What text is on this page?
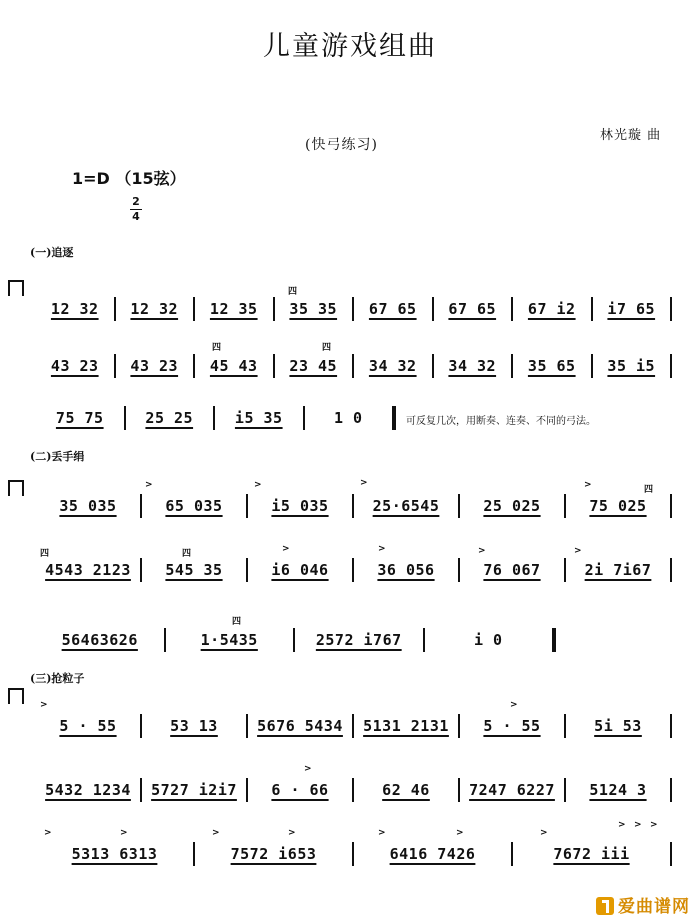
儿童游戏组曲
(快弓练习)
林光璇 曲
1=D （15弦）
2
4
(一)追逐
12 32	12 32	12 35	35 35	67 65	67 65	67 i2	i7 65
四
43 23	43 23	45 43	23 45	34 32	34 32	35 65	35 i5
四	四
75 75	25 25	i5 35	1 0	可反复几次，用断奏、连奏、不同的弓法。
(二)丢手绢
35 035	65 035	i5 035	25·6545	25 025	75 025
>	>	>	>	四
4543 2123	545 35	i6 046	36 056	76 067	2i 7i67
四	四	>	>	>	>
56463626	1·5435	2572 i767	i 0
四
(三)抢粒子
5 · 55	53 13	5676 5434	5131 2131	5 · 55	5i 53
>	>
5432 1234	5727 i2i7	6 · 66	62 46	7247 6227	5124 3
>
5313 6313	7572 i653	6416 7426	7672 iii
>	>	>	>	>	>	>
> > >
爱曲谱网
